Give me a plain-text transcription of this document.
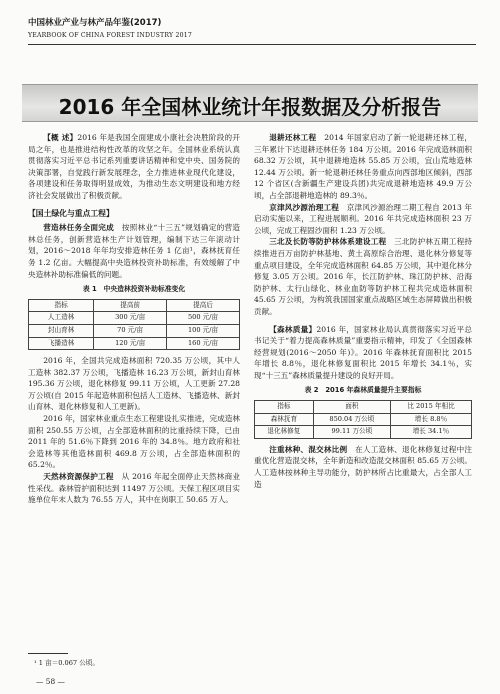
中国林业产业与林产品年鉴(2017)
YEARBOOK OF CHINA FOREST INDUSTRY 2017
2016 年全国林业统计年报数据及分析报告

【概 述】2016 年是我国全面建成小康社会决胜阶段的开局之年，也是推进结构性改革的攻坚之年。全国林业系统认真贯彻落实习近平总书记系列重要讲话精神和党中央、国务院的决策部署，自觉践行新发展理念，全力推进林业现代化建设，各项建设和任务取得明显成效，为推动生态文明建设和地方经济社会发展做出了积极贡献。

【国土绿化与重点工程】

营造林任务全面完成　 按照林业“十三五”规划确定的营造林总任务，创新营造林生产计划管理，编制下达三年滚动计划，2016～2018 年年均安排造林任务 1 亿亩¹，森林抚育任务 1.2 亿亩。大幅提高中央造林投资补助标准，有效缓解了中央造林补助标准偏低的问题。

表 1　中央造林投资补助标准变化
指标	提高前	提高后
人工造林	300 元/亩	500 元/亩
封山育林	70 元/亩	100 元/亩
飞播造林	120 元/亩	160 元/亩

2016 年，全国共完成造林面积 720.35 万公顷，其中人工造林 382.37 万公顷，飞播造林 16.23 万公顷，新封山育林 195.36 万公顷，退化林修复 99.11 万公顷，人工更新 27.28 万公顷(自 2015 年起造林面积包括人工造林、飞播造林、新封山育林、退化林修复和人工更新)。

2016 年，国家林业重点生态工程建设扎实推进，完成造林面积 250.55 万公顷，占全部造林面积的比重持续下降，已由 2011 年的 51.6％下降到 2016 年的 34.8％。地方政府和社会造林等其他造林面积 469.8 万公顷，占全部造林面积的 65.2％。

天然林资源保护工程　 从 2016 年起全面停止天然林商业性采伐。森林管护面积达到 11497 万公顷。天保工程区项目实施单位年末人数为 76.55 万人，其中在岗职工 50.65 万人。

退耕还林工程　 2014 年国家启动了新一轮退耕还林工程，三年累计下达退耕还林任务 184 万公顷。2016 年完成造林面积 68.32 万公顷，其中退耕地造林 55.85 万公顷，宜山荒地造林 12.44 万公顷。新一轮退耕还林任务重点向西部地区倾斜，西部 12 个省区(含新疆生产建设兵团)共完成退耕地造林 49.9 万公顷，占全部退耕地造林的 89.3％。

京津风沙源治理工程　 京津风沙源治理二期工程自 2013 年启动实施以来，工程进展顺利。2016 年共完成造林面积 23 万公顷，完成工程固沙面积 1.23 万公顷。

三北及长防等防护林体系建设工程　 三北防护林五期工程持续推进百万亩防护林基地、黄土高原综合治理、退化林分修复等重点项目建设，全年完成造林面积 64.85 万公顷，其中退化林分修复 3.05 万公顷。2016 年，长江防护林、珠江防护林、沿海防护林、太行山绿化、林业血防等防护林工程共完成造林面积 45.65 万公顷，为构筑我国国家重点战略区域生态屏障做出积极贡献。

【森林质量】2016 年，国家林业局认真贯彻落实习近平总书记关于“着力提高森林质量”重要指示精神，印发了《全国森林经营规划(2016～2050 年)》。2016 年森林抚育面积比 2015 年增长 8.8％，退化林修复面积比 2015 年增长 34.1％，实现“十三五”森林质量提升建设的良好开局。

表 2　2016 年森林质量提升主要指标
指标	面积	比 2015 年相比
森林抚育	850.04 万公顷	增长 8.8％
退化林修复	99.11 万公顷	增长 34.1％

注重林种、混交林比例　 在人工造林、退化林修复过程中注重优化营造混交林，全年新造和改造混交林面积 85.65 万公顷。人工造林按林种主导功能分，防护林所占比重最大，占全部人工造

¹ 1 亩＝0.067 公顷。
— 58 —
